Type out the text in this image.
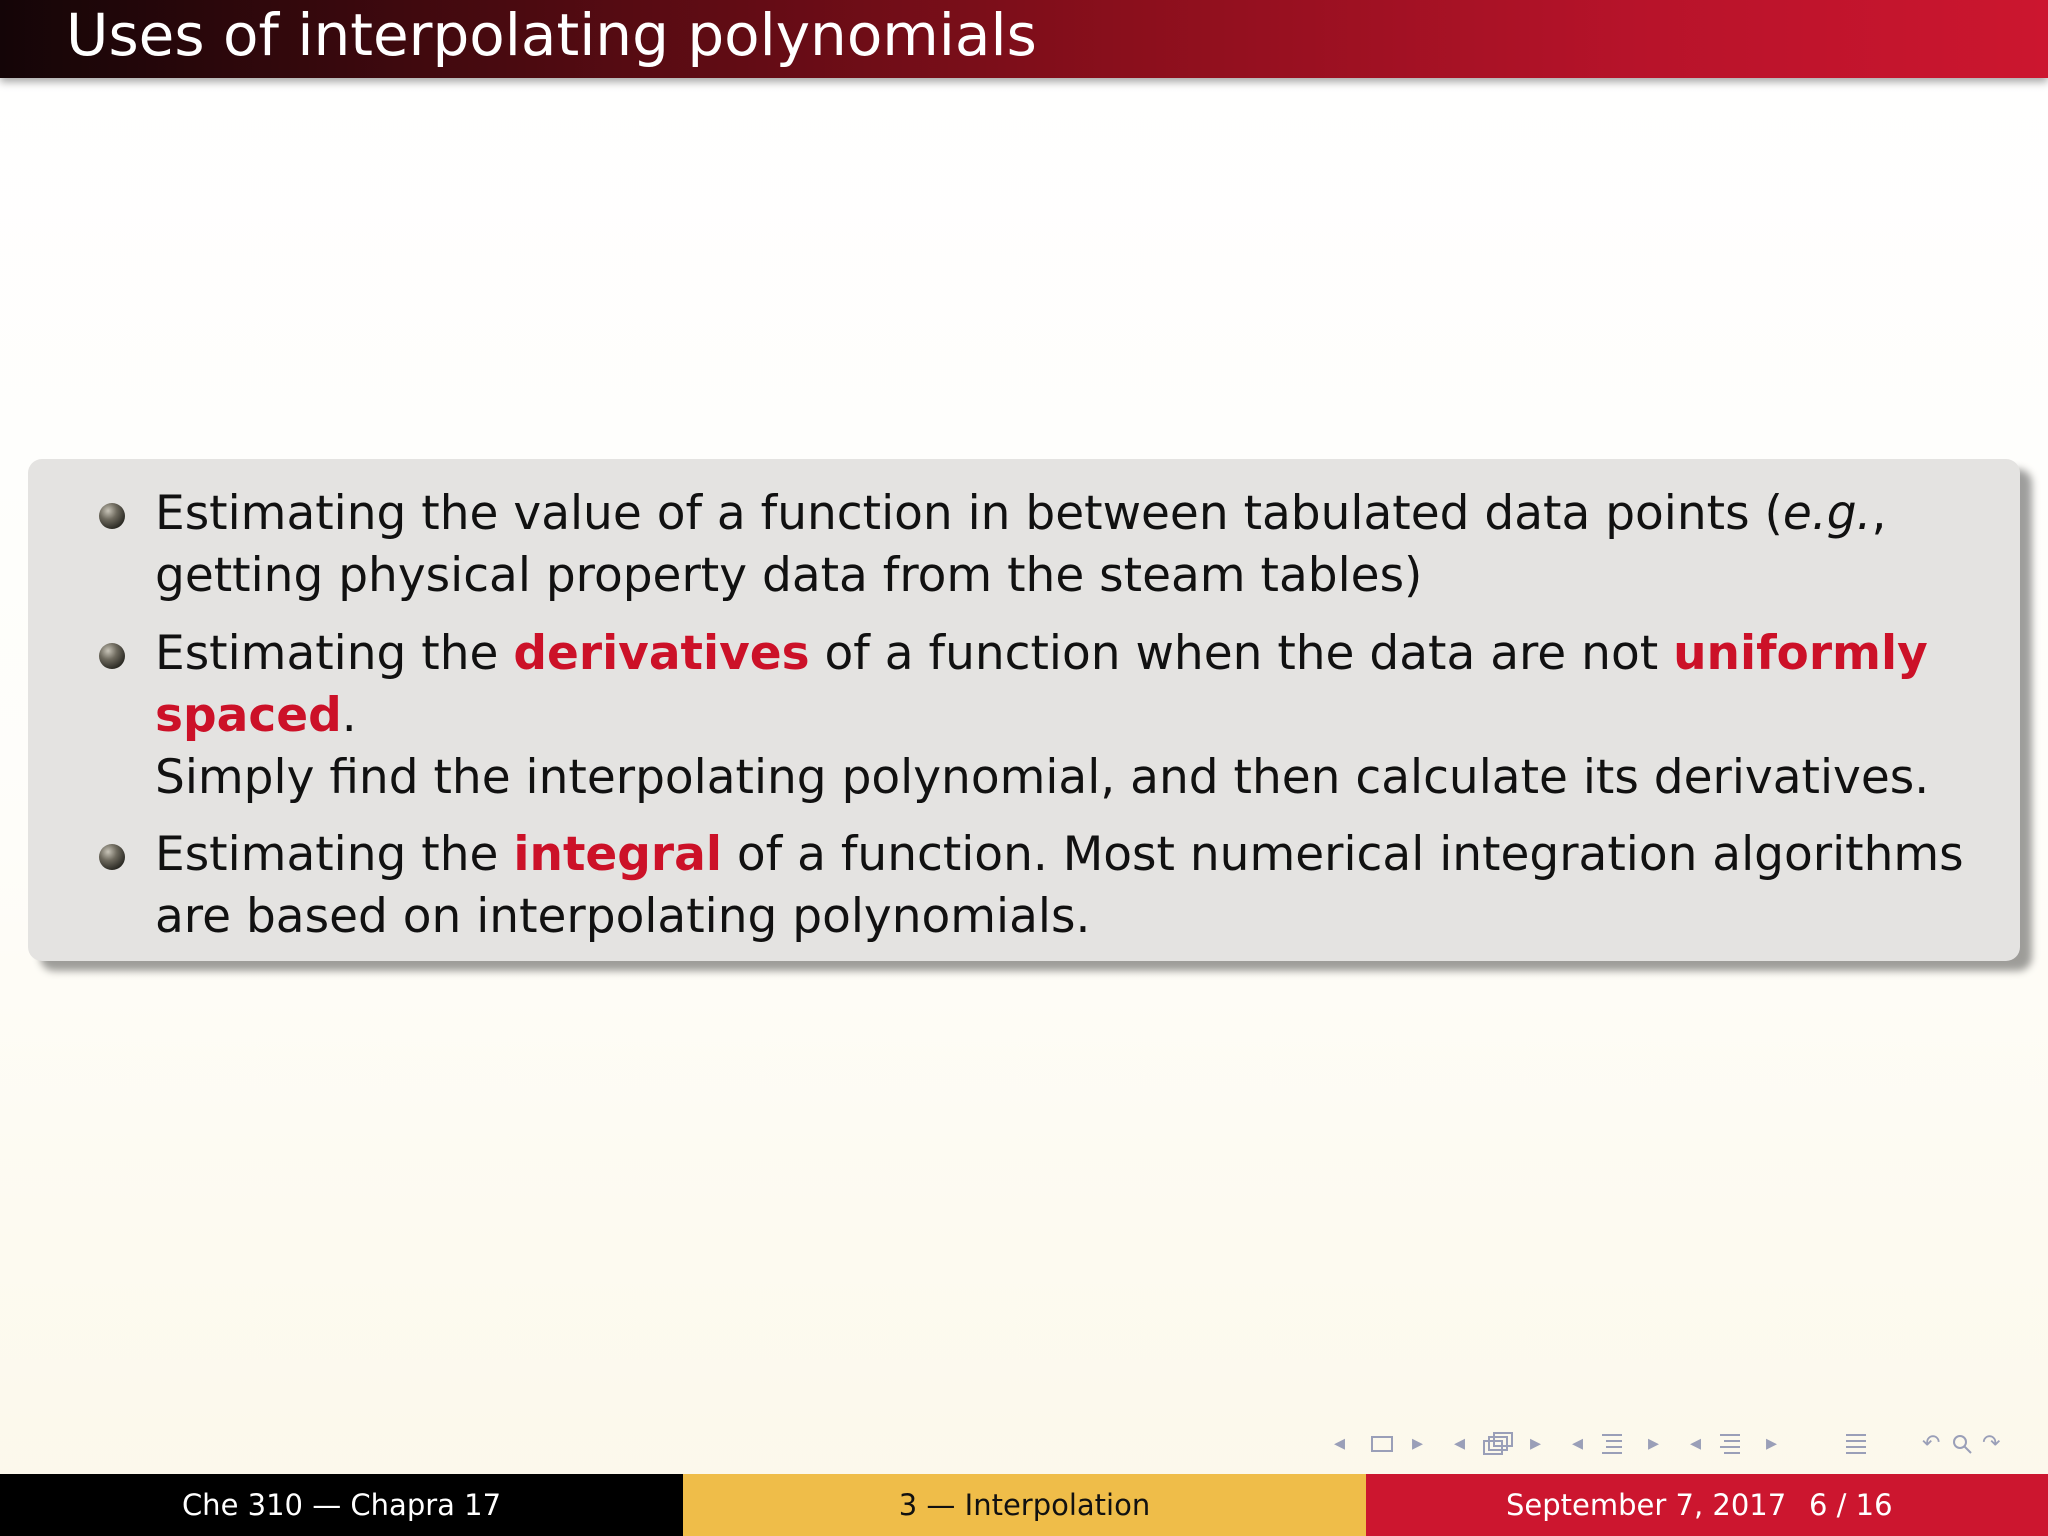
Uses of interpolating polynomials
Estimating the value of a function in between tabulated data points (e.g.,
getting physical property data from the steam tables)
Estimating the derivatives of a function when the data are not uniformly
spaced.
Simply find the interpolating polynomial, and then calculate its derivatives.
Estimating the integral of a function. Most numerical integration algorithms
are based on interpolating polynomials.
◂	▸ ◂	▸ ◂	▸ ◂	▸	↶ ↷
Che 310 — Chapra 17	3 — Interpolation	September 7, 2017 6 / 16
